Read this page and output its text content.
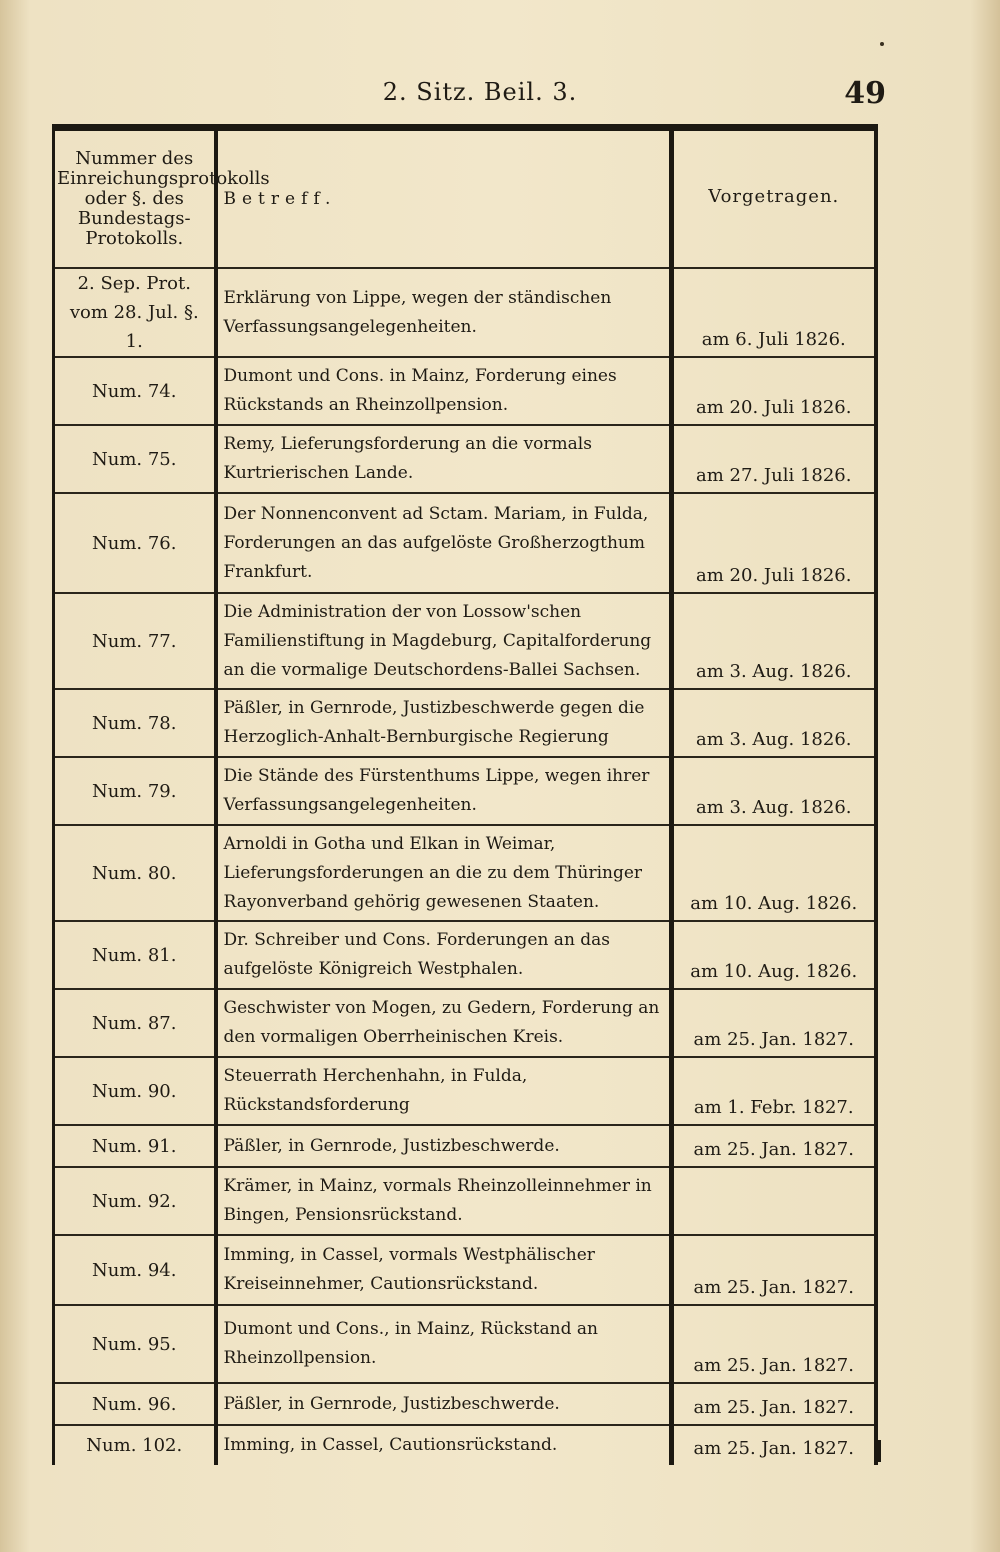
2. Sitz. Beil. 3.	49
Nummer des Einreichungsprotokolls oder §. des Bundestags-Protokolls.	Betreff.	Vorgetragen.
2. Sep. Prot. vom 28. Jul. §. 1.	Erklärung von Lippe, wegen der ständischen Verfassungsangelegenheiten.	am 6. Juli 1826.
Num. 74.	Dumont und Cons. in Mainz, Forderung eines Rückstands an Rheinzollpension.	am 20. Juli 1826.
Num. 75.	Remy, Lieferungsforderung an die vormals Kurtrierischen Lande.	am 27. Juli 1826.
Num. 76.	Der Nonnenconvent ad Sctam. Mariam, in Fulda, Forderungen an das aufgelöste Großherzogthum Frankfurt.	am 20. Juli 1826.
Num. 77.	Die Administration der von Lossow'schen Familienstiftung in Magdeburg, Capitalforderung an die vormalige Deutschordens-Ballei Sachsen.	am 3. Aug. 1826.
Num. 78.	Päßler, in Gernrode, Justizbeschwerde gegen die Herzoglich-Anhalt-Bernburgische Regierung	am 3. Aug. 1826.
Num. 79.	Die Stände des Fürstenthums Lippe, wegen ihrer Verfassungsangelegenheiten.	am 3. Aug. 1826.
Num. 80.	Arnoldi in Gotha und Elkan in Weimar, Lieferungsforderungen an die zu dem Thüringer Rayonverband gehörig gewesenen Staaten.	am 10. Aug. 1826.
Num. 81.	Dr. Schreiber und Cons. Forderungen an das aufgelöste Königreich Westphalen.	am 10. Aug. 1826.
Num. 87.	Geschwister von Mogen, zu Gedern, Forderung an den vormaligen Oberrheinischen Kreis.	am 25. Jan. 1827.
Num. 90.	Steuerrath Herchenhahn, in Fulda, Rückstandsforderung	am 1. Febr. 1827.
Num. 91.	Päßler, in Gernrode, Justizbeschwerde.	am 25. Jan. 1827.
Num. 92.	Krämer, in Mainz, vormals Rheinzolleinnehmer in Bingen, Pensionsrückstand.	
Num. 94.	Imming, in Cassel, vormals Westphälischer Kreiseinnehmer, Cautionsrückstand.	am 25. Jan. 1827.
Num. 95.	Dumont und Cons., in Mainz, Rückstand an Rheinzollpension.	am 25. Jan. 1827.
Num. 96.	Päßler, in Gernrode, Justizbeschwerde.	am 25. Jan. 1827.
Num. 102.	Imming, in Cassel, Cautionsrückstand.	am 25. Jan. 1827.
